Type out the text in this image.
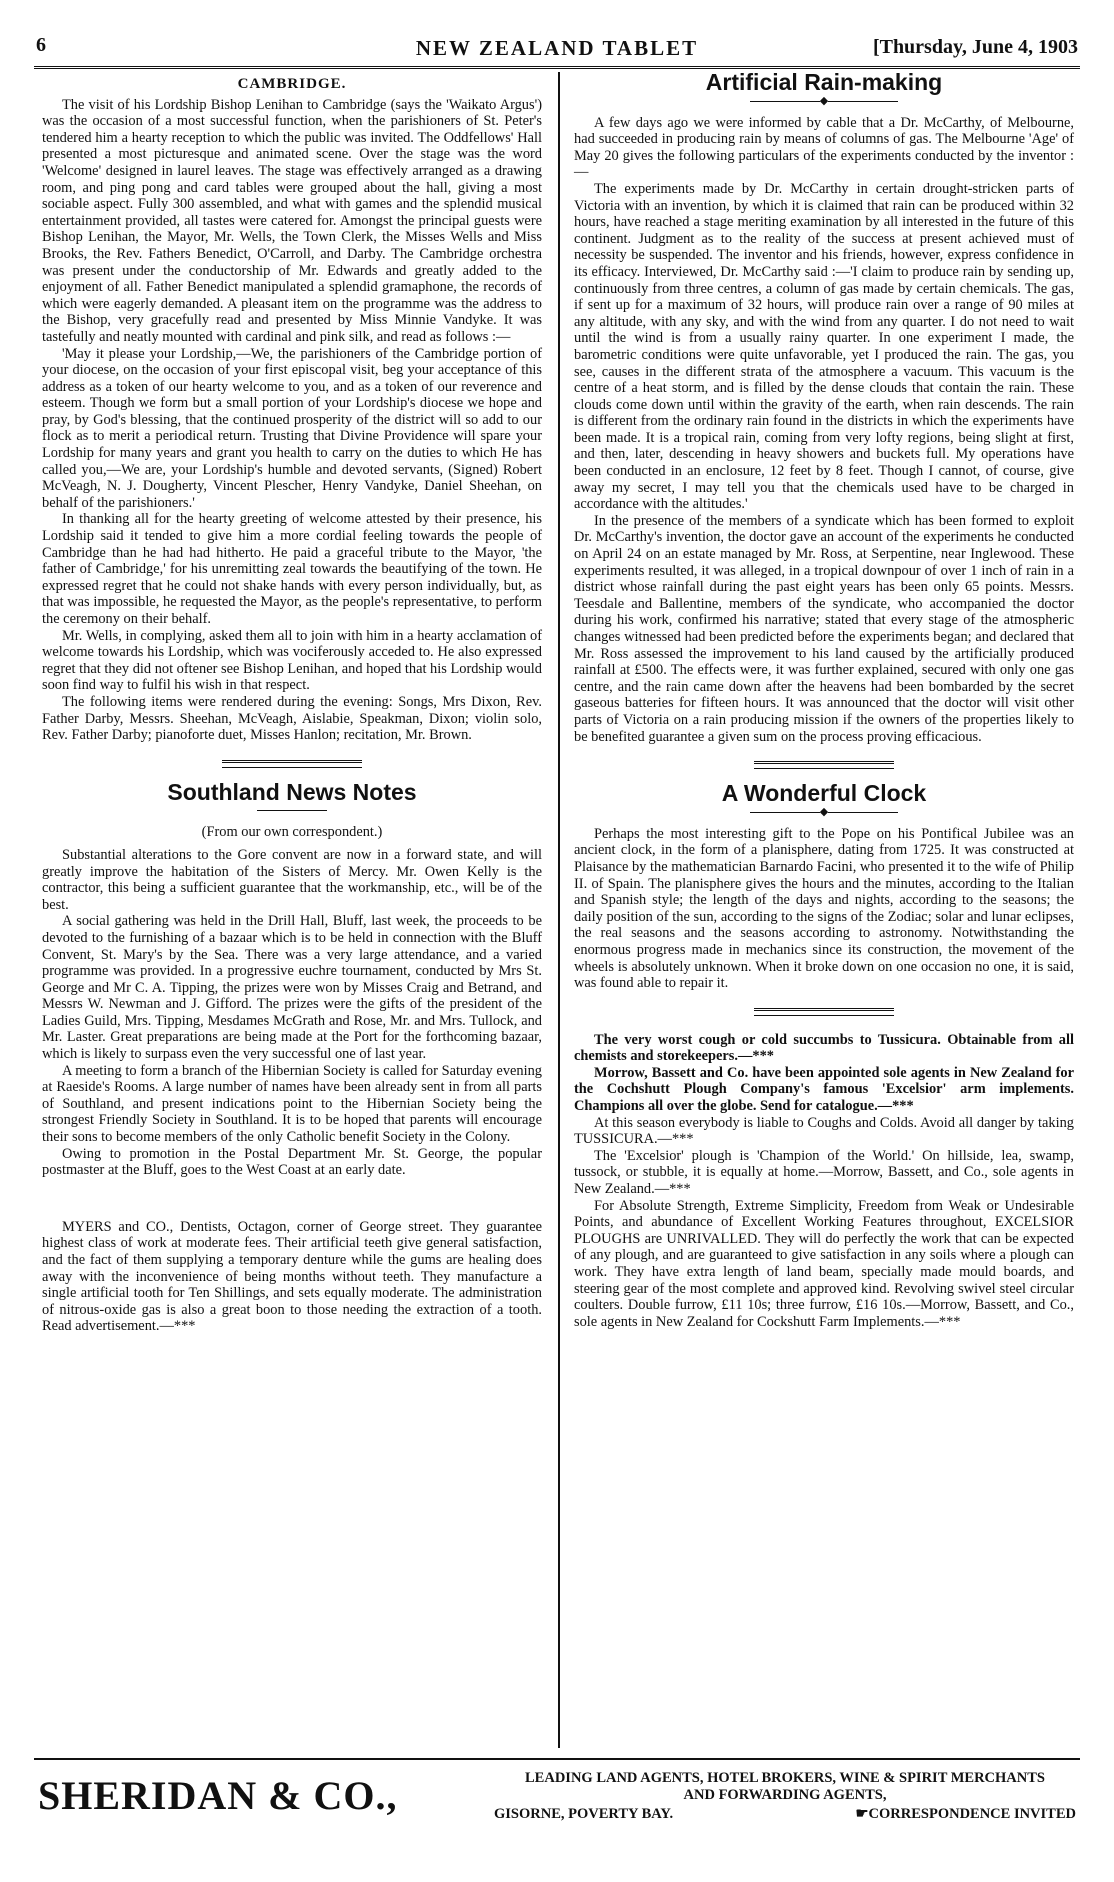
6	NEW ZEALAND TABLET	[Thursday, June 4, 1903
CAMBRIDGE.

The visit of his Lordship Bishop Lenihan to Cambridge (says the 'Waikato Argus') was the occasion of a most successful function, when the parishioners of St. Peter's tendered him a hearty reception to which the public was invited. The Oddfellows' Hall presented a most picturesque and animated scene. Over the stage was the word 'Welcome' designed in laurel leaves. The stage was effectively arranged as a drawing room, and ping pong and card tables were grouped about the hall, giving a most sociable aspect. Fully 300 assembled, and what with games and the splendid musical entertainment provided, all tastes were catered for. Amongst the principal guests were Bishop Lenihan, the Mayor, Mr. Wells, the Town Clerk, the Misses Wells and Miss Brooks, the Rev. Fathers Benedict, O'Carroll, and Darby. The Cambridge orchestra was present under the conductorship of Mr. Edwards and greatly added to the enjoyment of all. Father Benedict manipulated a splendid gramaphone, the records of which were eagerly demanded. A pleasant item on the programme was the address to the Bishop, very gracefully read and presented by Miss Minnie Vandyke. It was tastefully and neatly mounted with cardinal and pink silk, and read as follows :—

'May it please your Lordship,—We, the parishioners of the Cambridge portion of your diocese, on the occasion of your first episcopal visit, beg your acceptance of this address as a token of our hearty welcome to you, and as a token of our reverence and esteem. Though we form but a small portion of your Lordship's diocese we hope and pray, by God's blessing, that the continued prosperity of the district will so add to our flock as to merit a periodical return. Trusting that Divine Providence will spare your Lordship for many years and grant you health to carry on the duties to which He has called you,—We are, your Lordship's humble and devoted servants, (Signed) Robert McVeagh, N. J. Dougherty, Vincent Plescher, Henry Vandyke, Daniel Sheehan, on behalf of the parishioners.'

In thanking all for the hearty greeting of welcome attested by their presence, his Lordship said it tended to give him a more cordial feeling towards the people of Cambridge than he had had hitherto. He paid a graceful tribute to the Mayor, 'the father of Cambridge,' for his unremitting zeal towards the beautifying of the town. He expressed regret that he could not shake hands with every person individually, but, as that was impossible, he requested the Mayor, as the people's representative, to perform the ceremony on their behalf.

Mr. Wells, in complying, asked them all to join with him in a hearty acclamation of welcome towards his Lordship, which was vociferously acceded to. He also expressed regret that they did not oftener see Bishop Lenihan, and hoped that his Lordship would soon find way to fulfil his wish in that respect.

The following items were rendered during the evening: Songs, Mrs Dixon, Rev. Father Darby, Messrs. Sheehan, McVeagh, Aislabie, Speakman, Dixon; violin solo, Rev. Father Darby; pianoforte duet, Misses Hanlon; recitation, Mr. Brown.

Southland News Notes
(From our own correspondent.)

Substantial alterations to the Gore convent are now in a forward state, and will greatly improve the habitation of the Sisters of Mercy. Mr. Owen Kelly is the contractor, this being a sufficient guarantee that the workmanship, etc., will be of the best.

A social gathering was held in the Drill Hall, Bluff, last week, the proceeds to be devoted to the furnishing of a bazaar which is to be held in connection with the Bluff Convent, St. Mary's by the Sea. There was a very large attendance, and a varied programme was provided. In a progressive euchre tournament, conducted by Mrs St. George and Mr C. A. Tipping, the prizes were won by Misses Craig and Betrand, and Messrs W. Newman and J. Gifford. The prizes were the gifts of the president of the Ladies Guild, Mrs. Tipping, Mesdames McGrath and Rose, Mr. and Mrs. Tullock, and Mr. Laster. Great preparations are being made at the Port for the forthcoming bazaar, which is likely to surpass even the very successful one of last year.

A meeting to form a branch of the Hibernian Society is called for Saturday evening at Raeside's Rooms. A large number of names have been already sent in from all parts of Southland, and present indications point to the Hibernian Society being the strongest Friendly Society in Southland. It is to be hoped that parents will encourage their sons to become members of the only Catholic benefit Society in the Colony.

Owing to promotion in the Postal Department Mr. St. George, the popular postmaster at the Bluff, goes to the West Coast at an early date.

MYERS and CO., Dentists, Octagon, corner of George street. They guarantee highest class of work at moderate fees. Their artificial teeth give general satisfaction, and the fact of them supplying a temporary denture while the gums are healing does away with the inconvenience of being months without teeth. They manufacture a single artificial tooth for Ten Shillings, and sets equally moderate. The administration of nitrous-oxide gas is also a great boon to those needing the extraction of a tooth. Read advertisement.—***

Artificial Rain-making
◆

A few days ago we were informed by cable that a Dr. McCarthy, of Melbourne, had succeeded in producing rain by means of columns of gas. The Melbourne 'Age' of May 20 gives the following particulars of the experiments conducted by the inventor :—

The experiments made by Dr. McCarthy in certain drought-stricken parts of Victoria with an invention, by which it is claimed that rain can be produced within 32 hours, have reached a stage meriting examination by all interested in the future of this continent. Judgment as to the reality of the success at present achieved must of necessity be suspended. The inventor and his friends, however, express confidence in its efficacy. Interviewed, Dr. McCarthy said :—'I claim to produce rain by sending up, continuously from three centres, a column of gas made by certain chemicals. The gas, if sent up for a maximum of 32 hours, will produce rain over a range of 90 miles at any altitude, with any sky, and with the wind from any quarter. I do not need to wait until the wind is from a usually rainy quarter. In one experiment I made, the barometric conditions were quite unfavorable, yet I produced the rain. The gas, you see, causes in the different strata of the atmosphere a vacuum. This vacuum is the centre of a heat storm, and is filled by the dense clouds that contain the rain. These clouds come down until within the gravity of the earth, when rain descends. The rain is different from the ordinary rain found in the districts in which the experiments have been made. It is a tropical rain, coming from very lofty regions, being slight at first, and then, later, descending in heavy showers and buckets full. My operations have been conducted in an enclosure, 12 feet by 8 feet. Though I cannot, of course, give away my secret, I may tell you that the chemicals used have to be charged in accordance with the altitudes.'

In the presence of the members of a syndicate which has been formed to exploit Dr. McCarthy's invention, the doctor gave an account of the experiments he conducted on April 24 on an estate managed by Mr. Ross, at Serpentine, near Inglewood. These experiments resulted, it was alleged, in a tropical downpour of over 1 inch of rain in a district whose rainfall during the past eight years has been only 65 points. Messrs. Teesdale and Ballentine, members of the syndicate, who accompanied the doctor during his work, confirmed his narrative; stated that every stage of the atmospheric changes witnessed had been predicted before the experiments began; and declared that Mr. Ross assessed the improvement to his land caused by the artificially produced rainfall at £500. The effects were, it was further explained, secured with only one gas centre, and the rain came down after the heavens had been bombarded by the secret gaseous batteries for fifteen hours. It was announced that the doctor will visit other parts of Victoria on a rain producing mission if the owners of the properties likely to be benefited guarantee a given sum on the process proving efficacious.

A Wonderful Clock
◆

Perhaps the most interesting gift to the Pope on his Pontifical Jubilee was an ancient clock, in the form of a planisphere, dating from 1725. It was constructed at Plaisance by the mathematician Barnardo Facini, who presented it to the wife of Philip II. of Spain. The planisphere gives the hours and the minutes, according to the Italian and Spanish style; the length of the days and nights, according to the seasons; the daily position of the sun, according to the signs of the Zodiac; solar and lunar eclipses, the real seasons and the seasons according to astronomy. Notwithstanding the enormous progress made in mechanics since its construction, the movement of the wheels is absolutely unknown. When it broke down on one occasion no one, it is said, was found able to repair it.

The very worst cough or cold succumbs to Tussicura. Obtainable from all chemists and storekeepers.—***

Morrow, Bassett and Co. have been appointed sole agents in New Zealand for the Cochshutt Plough Company's famous 'Excelsior' arm implements. Champions all over the globe. Send for catalogue.—***

At this season everybody is liable to Coughs and Colds. Avoid all danger by taking TUSSICURA.—***

The 'Excelsior' plough is 'Champion of the World.' On hillside, lea, swamp, tussock, or stubble, it is equally at home.—Morrow, Bassett, and Co., sole agents in New Zealand.—***

For Absolute Strength, Extreme Simplicity, Freedom from Weak or Undesirable Points, and abundance of Excellent Working Features throughout, EXCELSIOR PLOUGHS are UNRIVALLED. They will do perfectly the work that can be expected of any plough, and are guaranteed to give satisfaction in any soils where a plough can work. They have extra length of land beam, specially made mould boards, and steering gear of the most complete and approved kind. Revolving swivel steel circular coulters. Double furrow, £11 10s; three furrow, £16 10s.—Morrow, Bassett, and Co., sole agents in New Zealand for Cockshutt Farm Implements.—***

SHERIDAN & CO.,	LEADING LAND AGENTS, HOTEL BROKERS, WINE & SPIRIT MERCHANTS
AND FORWARDING AGENTS,
GISORNE, POVERTY BAY.	☛CORRESPONDENCE INVITED
